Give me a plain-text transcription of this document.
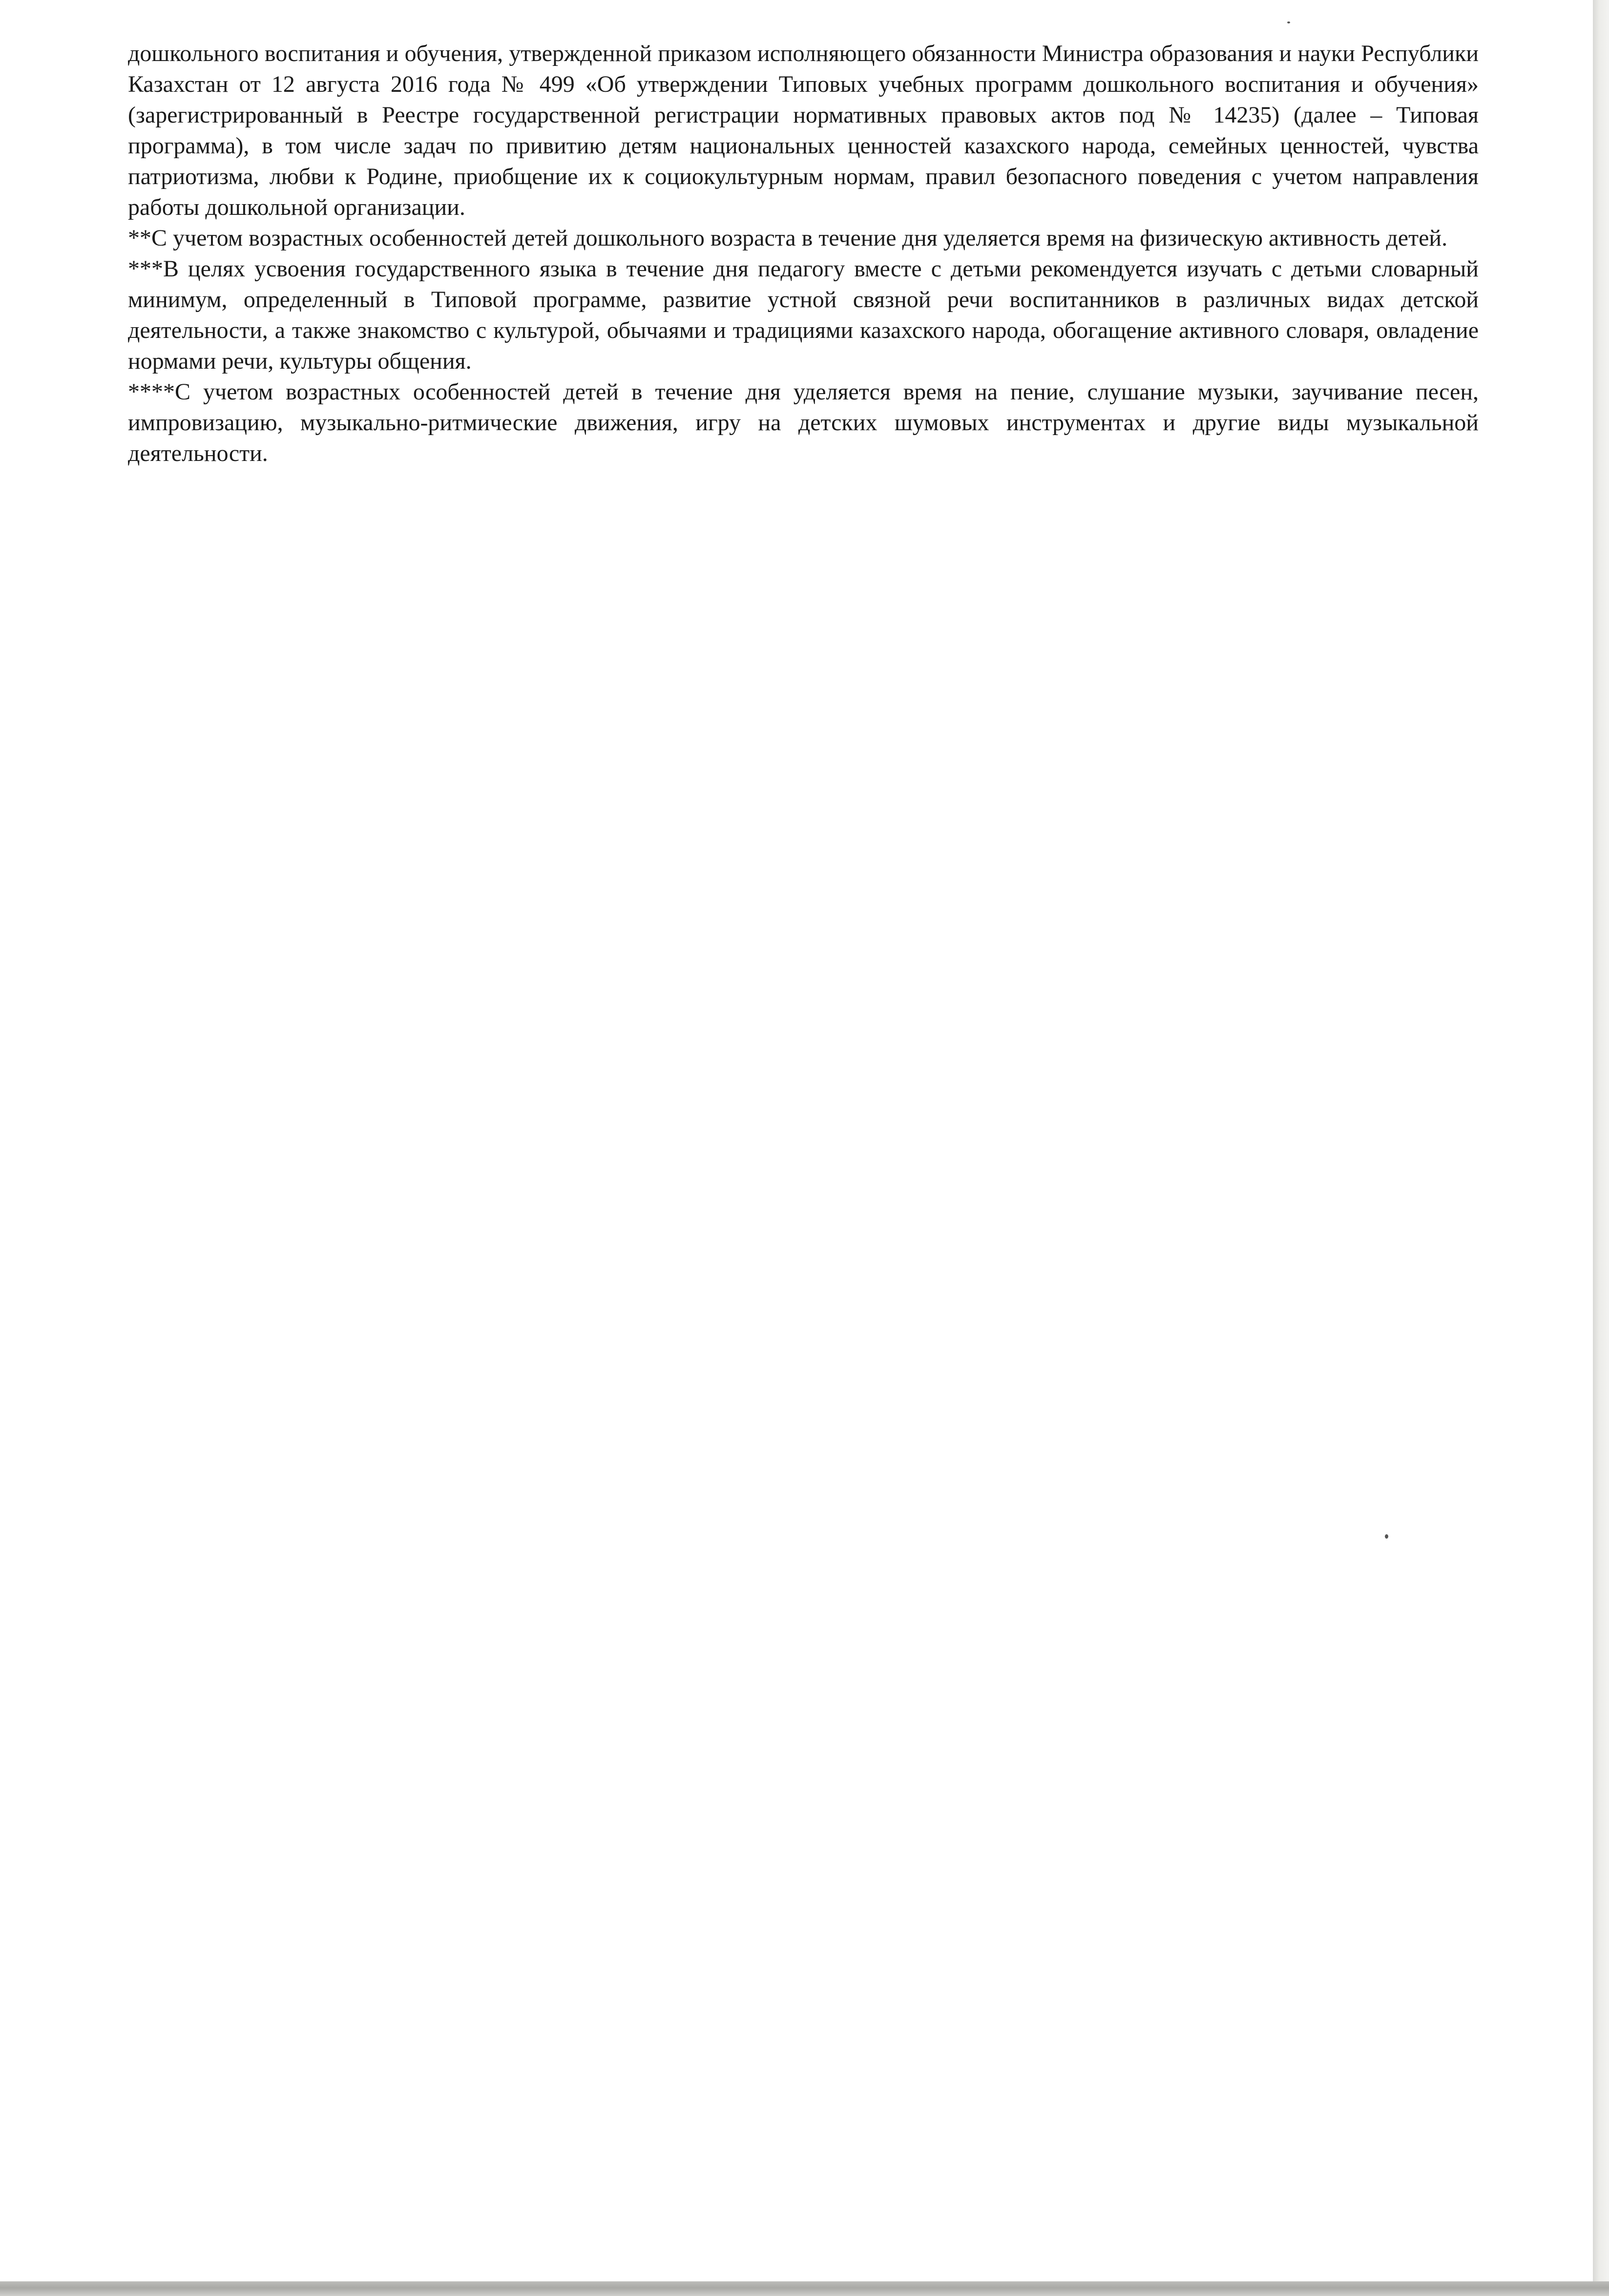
дошкольного воспитания и обучения, утвержденной приказом исполняющего обязанности Министра образования и науки Республики Казахстан от 12 августа 2016 года № 499 «Об утверждении Типовых учебных программ дошкольного воспитания и обучения» (зарегистрированный в Реестре государственной регистрации нормативных правовых актов под № 14235) (далее – Типовая программа), в том числе задач по привитию детям национальных ценностей казахского народа, семейных ценностей, чувства патриотизма, любви к Родине, приобщение их к социокультурным нормам, правил безопасного поведения с учетом направления работы дошкольной организации.

**С учетом возрастных особенностей детей дошкольного возраста в течение дня уделяется время на физическую активность детей.

***В целях усвоения государственного языка в течение дня педагогу вместе с детьми рекомендуется изучать с детьми словарный минимум, определенный в Типовой программе, развитие устной связной речи воспитанников в различных видах детской деятельности, а также знакомство с культурой, обычаями и традициями казахского народа, обогащение активного словаря, овладение нормами речи, культуры общения.

****С учетом возрастных особенностей детей в течение дня уделяется время на пение, слушание музыки, заучивание песен, импровизацию, музыкально-ритмические движения, игру на детских шумовых инструментах и другие виды музыкальной деятельности.
